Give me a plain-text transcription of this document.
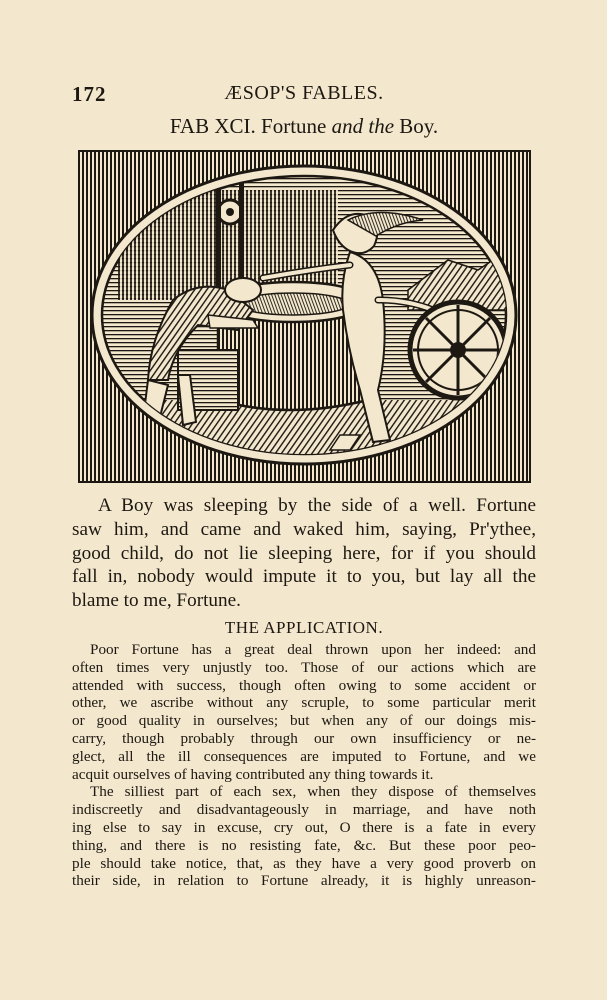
172	ÆSOP'S FABLES.
FAB XCI. Fortune and the Boy.
A Boy was sleeping by the side of a well. Fortune
saw him, and came and waked him, saying, Pr'ythee,
good child, do not lie sleeping here, for if you should
fall in, nobody would impute it to you, but lay all the
blame to me, Fortune.
THE APPLICATION.
Poor Fortune has a great deal thrown upon her indeed: and
often times very unjustly too. Those of our actions which are
attended with success, though often owing to some accident or
other, we ascribe without any scruple, to some particular merit
or good quality in ourselves; but when any of our doings mis-
carry, though probably through our own insufficiency or ne-
glect, all the ill consequences are imputed to Fortune, and we
acquit ourselves of having contributed any thing towards it.
The silliest part of each sex, when they dispose of themselves
indiscreetly and disadvantageously in marriage, and have noth
ing else to say in excuse, cry out, O there is a fate in every
thing, and there is no resisting fate, &c. But these poor peo-
ple should take notice, that, as they have a very good proverb on
their side, in relation to Fortune already, it is highly unreason-
